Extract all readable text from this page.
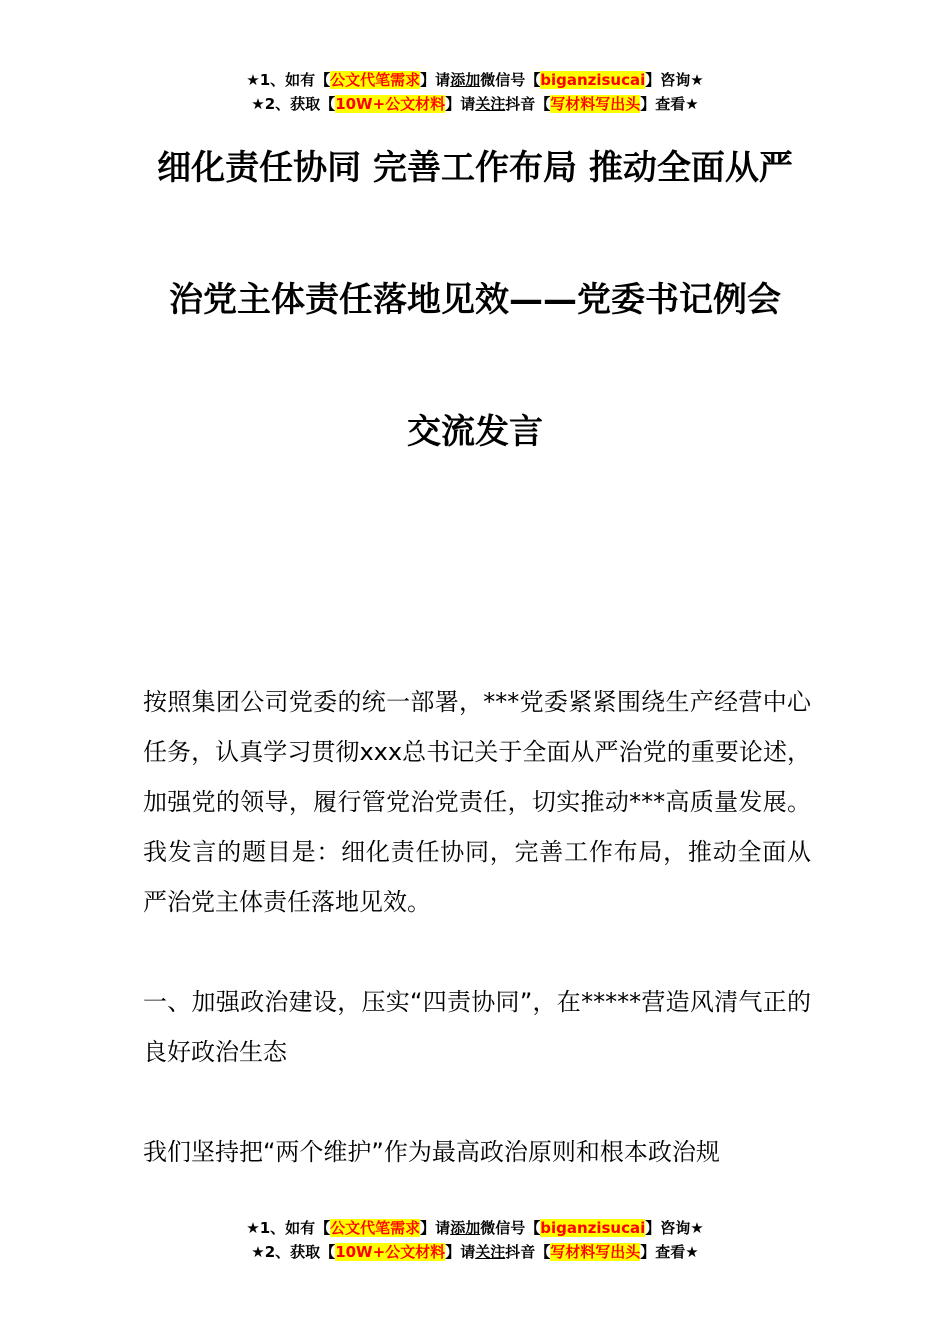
★1、如有【公文代笔需求】请添加微信号【biganzisucai】咨询★
★2、获取【10W+公文材料】请关注抖音【写材料写出头】查看★
细化责任协同 完善工作布局 推动全面从严
治党主体责任落地见效——党委书记例会
交流发言
按照集团公司党委的统一部署，***党委紧紧围绕生产经营中心任务，认真学习贯彻xxx总书记关于全面从严治党的重要论述，加强党的领导，履行管党治党责任，切实推动***高质量发展。我发言的题目是：细化责任协同，完善工作布局，推动全面从严治党主体责任落地见效。
一、加强政治建设，压实“四责协同”，在*****营造风清气正的良好政治生态
我们坚持把“两个维护”作为最高政治原则和根本政治规
★1、如有【公文代笔需求】请添加微信号【biganzisucai】咨询★
★2、获取【10W+公文材料】请关注抖音【写材料写出头】查看★
